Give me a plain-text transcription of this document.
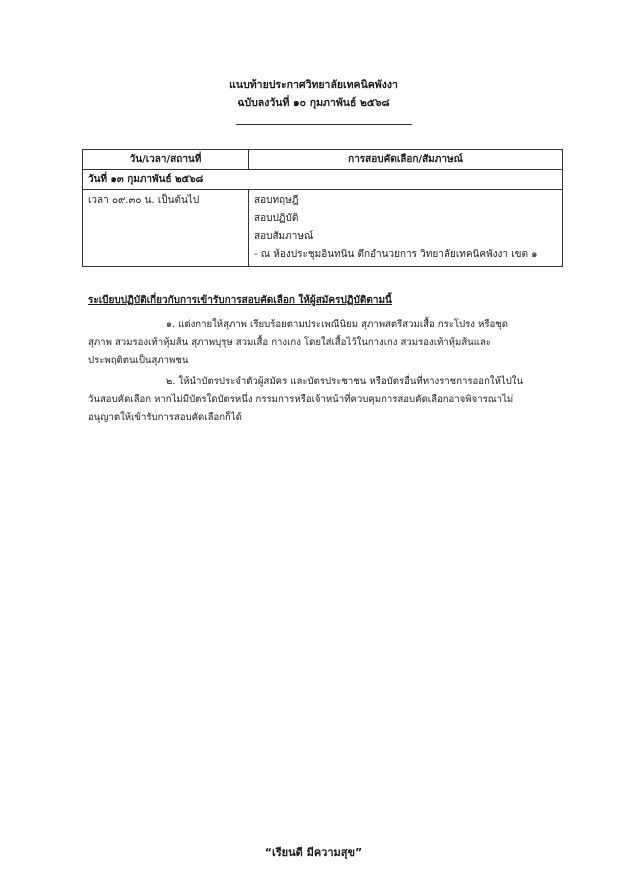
แนบท้ายประกาศวิทยาลัยเทคนิคพังงา
ฉบับลงวันที่ ๑๐ กุมภาพันธ์ ๒๕๖๘
วัน/เวลา/สถานที่	การสอบคัดเลือก/สัมภาษณ์
วันที่ ๑๓ กุมภาพันธ์ ๒๕๖๘	

เวลา ๐๙.๓๐ น. เป็นต้นไป	สอบทฤษฎี
สอบปฏิบัติ
สอบสัมภาษณ์
- ณ ห้องประชุมอินทนิน ตึกอำนวยการ วิทยาลัยเทคนิคพังงา เขต ๑
ระเบียบปฏิบัติเกี่ยวกับการเข้ารับการสอบคัดเลือก ให้ผู้สมัครปฏิบัติตามนี้
๑. แต่งกายให้สุภาพ เรียบร้อยตามประเพณีนิยม สุภาพสตรีสวมเสื้อ กระโปรง หรือชุด
สุภาพ สวมรองเท้าหุ้มส้น สุภาพบุรุษ สวมเสื้อ กางเกง โดยใส่เสื้อไว้ในกางเกง สวมรองเท้าหุ้มส้นและ
ประพฤติตนเป็นสุภาพชน
๒. ให้นำบัตรประจำตัวผู้สมัคร และบัตรประชาชน หรือบัตรอื่นที่ทางราชการออกให้ไปใน
วันสอบคัดเลือก หากไม่มีบัตรใดบัตรหนึ่ง กรรมการหรือเจ้าหน้าที่ควบคุมการสอบคัดเลือกอาจพิจารณาไม่
อนุญาตให้เข้ารับการสอบคัดเลือกก็ได้
“เรียนดี มีความสุข”
